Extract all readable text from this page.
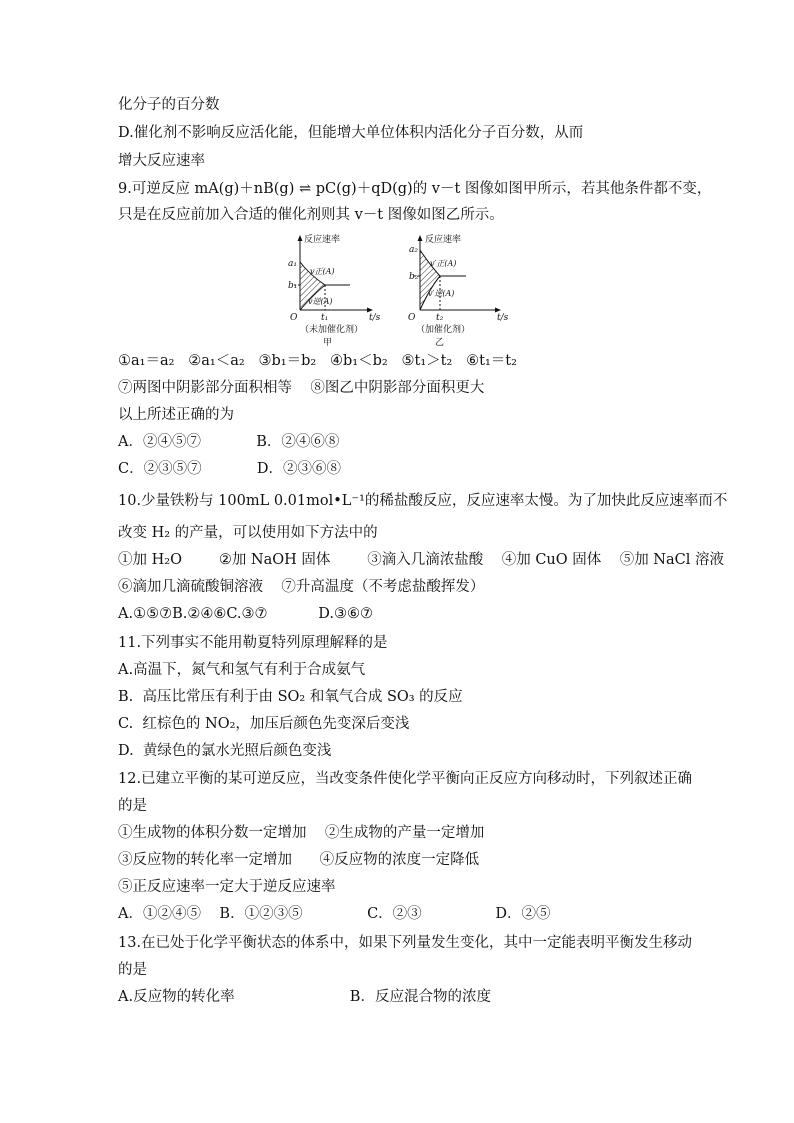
化分子的百分数
D.催化剂不影响反应活化能，但能增大单位体积内活化分子百分数，从而
增大反应速率
9.可逆反应 mA(g)＋nB(g) ⇌ pC(g)＋qD(g)的 v－t 图像如图甲所示，若其他条件都不变，
只是在反应前加入合适的催化剂则其 v－t 图像如图乙所示。
反应速率
a₁
b₁
v正(A)
v逆(A)
O	t₁	t/s
（未加催化剂）
甲
反应速率
a₂
b₂
v′正(A)
v′逆(A)
O t₂	t/s
（加催化剂）
乙
①a₁＝a₂   ②a₁＜a₂   ③b₁＝b₂   ④b₁＜b₂   ⑤t₁＞t₂   ⑥t₁＝t₂
⑦两图中阴影部分面积相等    ⑧图乙中阴影部分面积更大
以上所述正确的为
A．②④⑤⑦            B．②④⑥⑧
C．②③⑤⑦            D．②③⑥⑧
10.少量铁粉与 100mL 0.01mol•L⁻¹的稀盐酸反应，反应速率太慢。为了加快此反应速率而不
改变 H₂ 的产量，可以使用如下方法中的
①加 H₂O        ②加 NaOH 固体        ③滴入几滴浓盐酸    ④加 CuO 固体    ⑤加 NaCl 溶液
⑥滴加几滴硫酸铜溶液    ⑦升高温度（不考虑盐酸挥发）
A.①⑤⑦B.②④⑥C.③⑦           D.③⑥⑦
11.下列事实不能用勒夏特列原理解释的是
A.高温下，氮气和氢气有利于合成氨气
B.  高压比常压有利于由 SO₂ 和氧气合成 SO₃ 的反应
C.  红棕色的 NO₂，加压后颜色先变深后变浅
D.  黄绿色的氯水光照后颜色变浅
12.已建立平衡的某可逆反应，当改变条件使化学平衡向正反应方向移动时，下列叙述正确
的是
①生成物的体积分数一定增加    ②生成物的产量一定增加
③反应物的转化率一定增加      ④反应物的浓度一定降低
⑤正反应速率一定大于逆反应速率
A．①②④⑤    B．①②③⑤              C．②③                D．②⑤
13.在已处于化学平衡状态的体系中，如果下列量发生变化，其中一定能表明平衡发生移动
的是
A.反应物的转化率                         B．反应混合物的浓度
